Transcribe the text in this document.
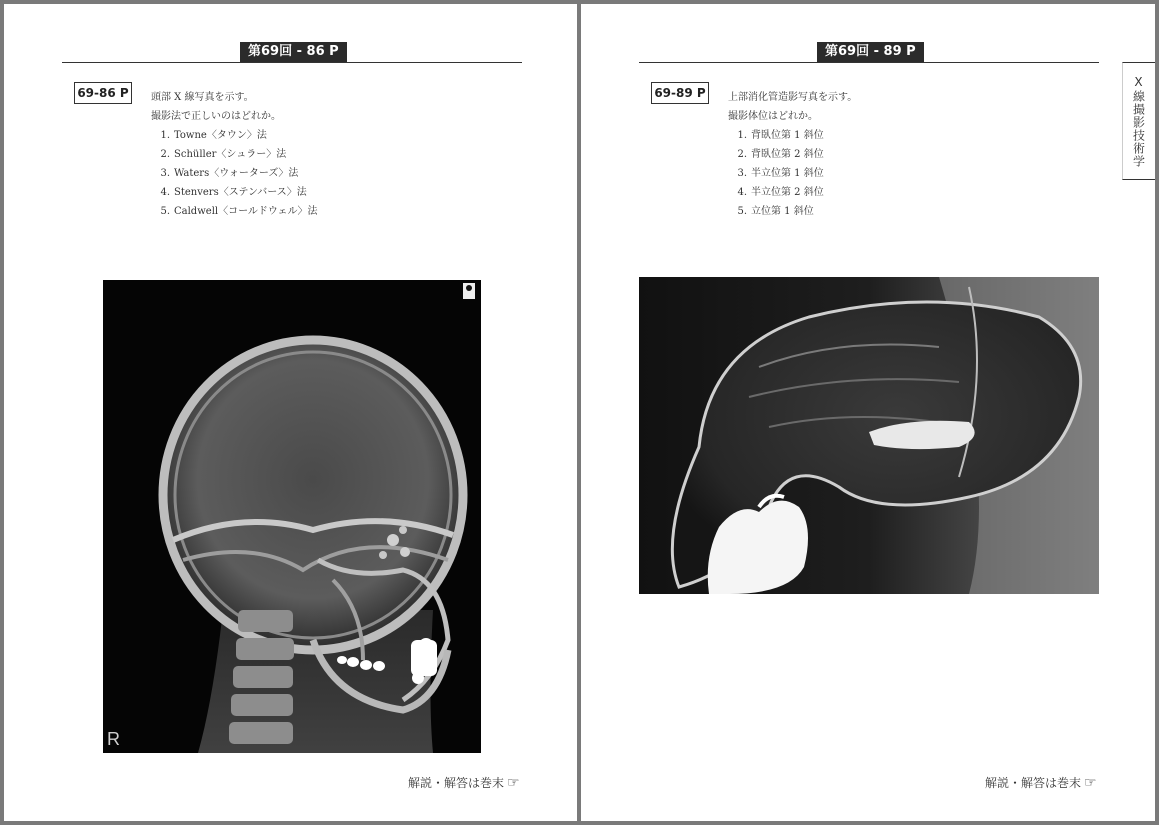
第69回 - 86 P
69-86 P	頭部 X 線写真を示す。
撮影法で正しいのはどれか。
1. Towne〈タウン〉法
2. Schüller〈シュラー〉法
3. Waters〈ウォーターズ〉法
4. Stenvers〈ステンバース〉法
5. Caldwell〈コールドウェル〉法
R
解説・解答は巻末 ☞
第69回 - 89 P
X線撮影技術学
69-89 P	上部消化管造影写真を示す。
撮影体位はどれか。
1. 背臥位第 1 斜位
2. 背臥位第 2 斜位
3. 半立位第 1 斜位
4. 半立位第 2 斜位
5. 立位第 1 斜位
解説・解答は巻末 ☞
